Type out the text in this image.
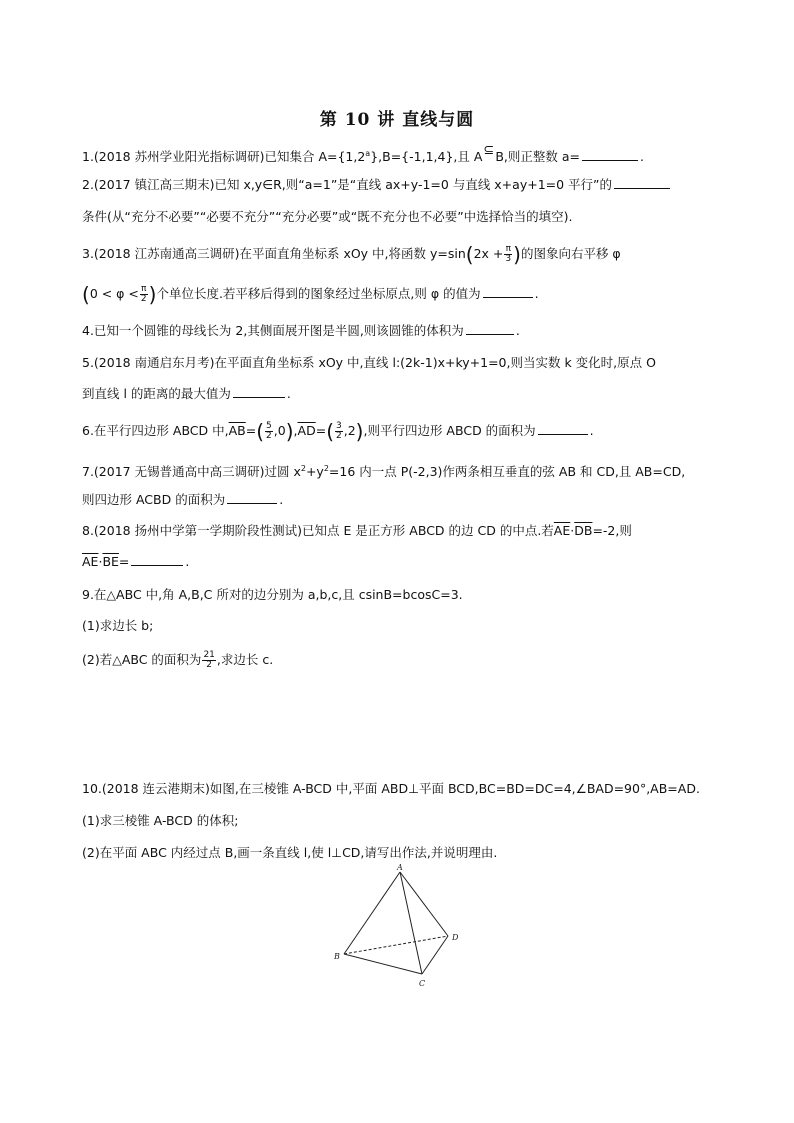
第 10 讲 直线与圆
1.(2018 苏州学业阳光指标调研)已知集合 A={1,2$^a$},B={-1,1,4},且 A⊆B,则正整数 a=	.
2.(2017 镇江高三期末)已知 x,y∈R,则“a=1”是“直线 ax+y-1=0 与直线 x+ay+1=0 平行”的
条件(从“充分不必要”“必要不充分”“充分必要”或“既不充分也不必要”中选择恰当的填空).
3.(2018 江苏南通高三调研)在平面直角坐标系 xOy 中,将函数 $y=\sin(2x + \frac{\pi}{3}$ )的图象向右平移 φ
($0 < \varphi < \frac{\pi}{2}$ )个单位长度.若平移后得到的图象经过坐标原点,则 φ 的值为	.
4.已知一个圆锥的母线长为 2,其侧面展开图是半圆,则该圆锥的体积为	.
5.(2018 南通启东月考)在平面直角坐标系 xOy 中,直线 l:(2k-1)x+ky+1=0,则当实数 k 变化时,原点 O
到直线 l 的距离的最大值为	.
6.在平行四边形 ABCD 中$,\overline{AB}=( \frac{5}{2} ,0),\overline{AD}=( \frac{3}{2} ,2)$,则平行四边形 ABCD 的面积为	.
7.(2017 无锡普通高中高三调研)过圆 $x^2+y^2=16$ 内一点 P(-2,3)作两条相互垂直的弦 AB 和 CD,且 AB=CD,
则四边形 ACBD 的面积为	.
8.(2018 扬州中学第一学期阶段性测试)已知点 E 是正方形 ABCD 的边 CD 的中点.若$\overline{AE}\cdot\overline{DB}=-2$,则
$\overline{AE}\cdot\overline{BE}=$	.
9.在△ABC 中,角 A,B,C 所对的边分别为 a,b,c,且 csinB=bcosC=3.
(1)求边长 b;
(2)若△ABC 的面积为 $\frac{21}{2}$ ,求边长 c.
10.(2018 连云港期末)如图,在三棱锥 A-BCD 中,平面 ABD⊥平面 BCD,BC=BD=DC=4,∠BAD=90°,AB=AD.
(1)求三棱锥 A-BCD 的体积;
(2)在平面 ABC 内经过点 B,画一条直线 l,使 l⊥CD,请写出作法,并说明理由.
A
B
C
D
